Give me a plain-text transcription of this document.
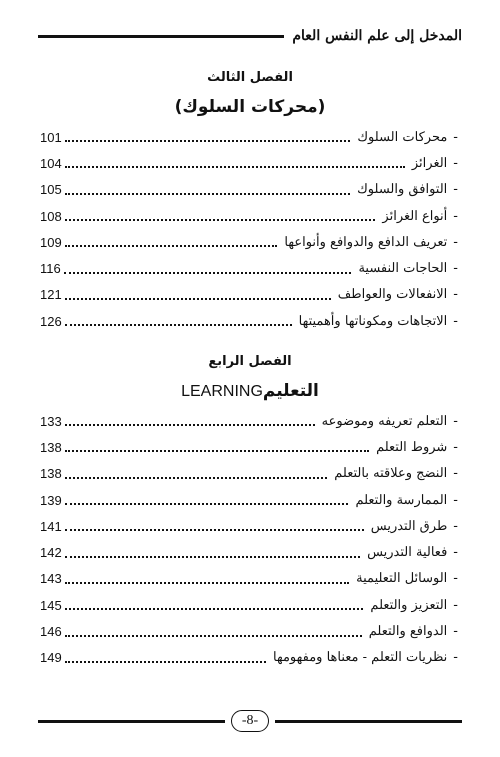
المدخل إلى علم النفس العام
الفصل الثالث
(محركات السلوك)
-
محركات السلوك
101
-
الغرائز
104
-
التوافق والسلوك
105
-
أنواع الغرائز
108
-
تعريف الدافع والدوافع وأنواعها
109
-
الحاجات النفسية
116
-
الانفعالات والعواطف
121
-
الاتجاهات ومكوناتها وأهميتها
126
الفصل الرابع
التعليمLEARNING
-
التعلم تعريفه وموضوعه
133
-
شروط التعلم
138
-
النضج وعلاقته بالتعلم
138
-
الممارسة والتعلم
139
-
طرق التدريس
141
-
فعالية التدريس
142
-
الوسائل التعليمية
143
-
التعزيز والتعلم
145
-
الدوافع والتعلم
146
-
نظريات التعلم - معناها ومفهومها
149
-8-
